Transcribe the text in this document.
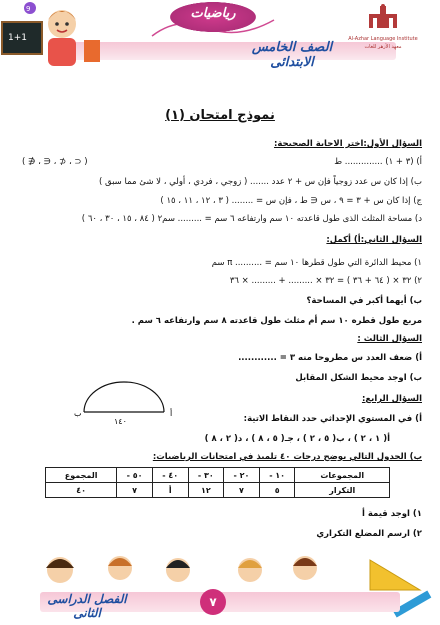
1+1
9	رياضيات
الصف الخامس الابتدائى
Al-Azhar Language Institute
معهد الأزهر للغات
نموذج امتحان (١)
السؤال الأول:اختر الاجابة الصحيحة:
أ) (٣ + ١) .............. ط
( ⊂ ، ⊄ ، ∈ ، ∉ )
ب) إذا كان س عدد زوجياً فإن س + ٢ عدد ....... ( زوجي ، فردي ، أولي ، لا شئ مما سبق )
ج) إذا كان س + ٣ = ٩ ، س ∈ ط ، فإن س = ........ ( ٣ ، ١٢ ، ١١ ، ١٥ )
د) مساحة المثلث الذى طول قاعدته ١٠ سم وارتفاعه ٦ سم = ......... سم٢ ( ٨٤ ، ١٥ ، ٣٠ ، ٦٠ )
السؤال الثاني:أ) أكمل:
١) محيط الدائرة التي طول قطرها ١٠ سم = .......... π سم
٢) ٣٢ × ( ٦٤ + ٣٦ ) = ٣٢ × ......... + ......... × ٣٦
ب) أيهما أكبر في المساحة؟
مربع طول قطره ١٠ سم أم مثلث طول قاعدته ٨ سم وارتفاعه ٦ سم .
السؤال الثالث :
أ) ضعف العدد س مطروحا منه ٣ = ............
ب) اوجد محيط الشكل المقابل
ب	أ
١٤٠
السؤال الرابع:
أ) في المستوي الإحداثي حدد النقاط الاتية:
أ( ١ ، ٢ ) ، ب( ٥ ، ٢ ) ، جـ( ٥ ، ٨ ) ، د( ٢ ، ٨ )
ب) الجدول التالي يوضح درجات ٤٠ تلميذ في امتحانات الرياضيات:
المجموعات	١٠ -	٢٠ -	٣٠ -	٤٠ -	٥٠ -	المجموع
التكرار	٥	٧	١٢	أ	٧	٤٠
١) اوجد قيمة أ
٢) ارسم المضلع التكراري
الفصل الدراسى الثانى
٧
